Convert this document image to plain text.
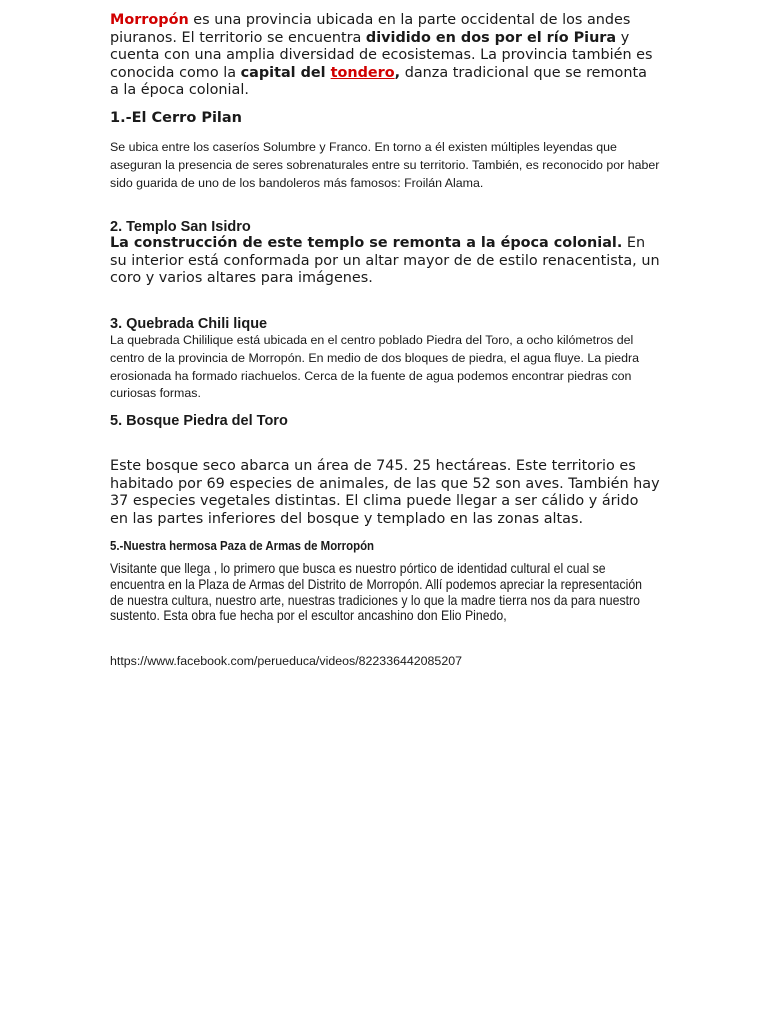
Morropón es una provincia ubicada en la parte occidental de los andes piuranos. El territorio se encuentra dividido en dos por el río Piura y cuenta con una amplia diversidad de ecosistemas. La provincia también es conocida como la capital del tondero, danza tradicional que se remonta a la época colonial.

1.-El Cerro Pilan

Se ubica entre los caseríos Solumbre y Franco. En torno a él existen múltiples leyendas que aseguran la presencia de seres sobrenaturales entre su territorio. También, es reconocido por haber sido guarida de uno de los bandoleros más famosos: Froilán Alama.

2. Templo San Isidro

La construcción de este templo se remonta a la época colonial. En su interior está conformada por un altar mayor de de estilo renacentista, un coro y varios altares para imágenes.

3. Quebrada Chili lique

La quebrada Chililique está ubicada en el centro poblado Piedra del Toro, a ocho kilómetros del centro de la provincia de Morropón. En medio de dos bloques de piedra, el agua fluye. La piedra erosionada ha formado riachuelos. Cerca de la fuente de agua podemos encontrar piedras con curiosas formas.

5. Bosque Piedra del Toro

Este bosque seco abarca un área de 745. 25 hectáreas. Este territorio es habitado por 69 especies de animales, de las que 52 son aves. También hay 37 especies vegetales distintas. El clima puede llegar a ser cálido y árido en las partes inferiores del bosque y templado en las zonas altas.

5.-Nuestra hermosa Paza de Armas de Morropón

Visitante que llega , lo primero que busca es nuestro pórtico de identidad cultural el cual se encuentra en la Plaza de Armas del Distrito de Morropón. Allí podemos apreciar la representación de nuestra cultura, nuestro arte, nuestras tradiciones y lo que la madre tierra nos da para nuestro sustento. Esta obra fue hecha por el escultor ancashino don Elio Pinedo,

https://www.facebook.com/perueduca/videos/822336442085207
